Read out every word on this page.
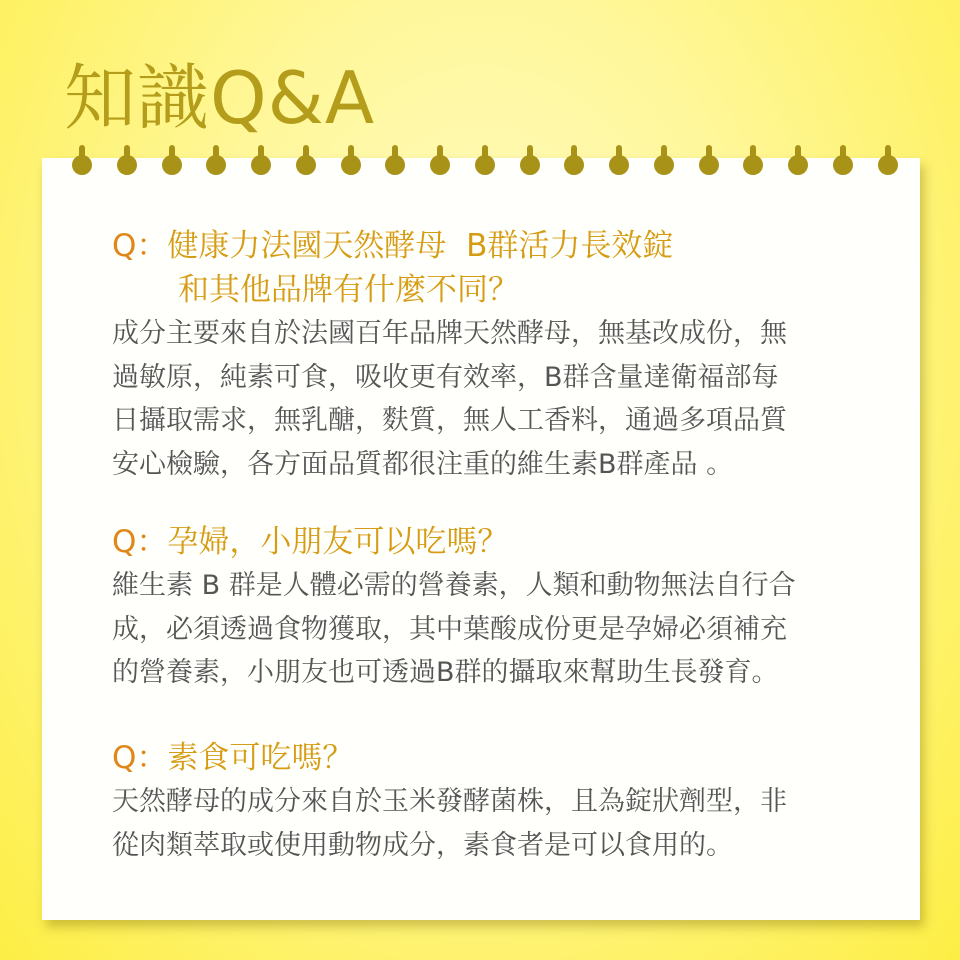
知識Q&A

Q：健康力法國天然酵母  B群活力長效錠
和其他品牌有什麼不同？

成分主要來自於法國百年品牌天然酵母，無基改成份，無
過敏原，純素可食，吸收更有效率，B群含量達衛福部每
日攝取需求，無乳醣，麩質，無人工香料，通過多項品質
安心檢驗，各方面品質都很注重的維生素B群產品 。

Q：孕婦，小朋友可以吃嗎？

維生素 B 群是人體必需的營養素，人類和動物無法自行合
成，必須透過食物獲取，其中葉酸成份更是孕婦必須補充
的營養素，小朋友也可透過B群的攝取來幫助生長發育。

Q：素食可吃嗎？

天然酵母的成分來自於玉米發酵菌株，且為錠狀劑型，非
從肉類萃取或使用動物成分，素食者是可以食用的。
